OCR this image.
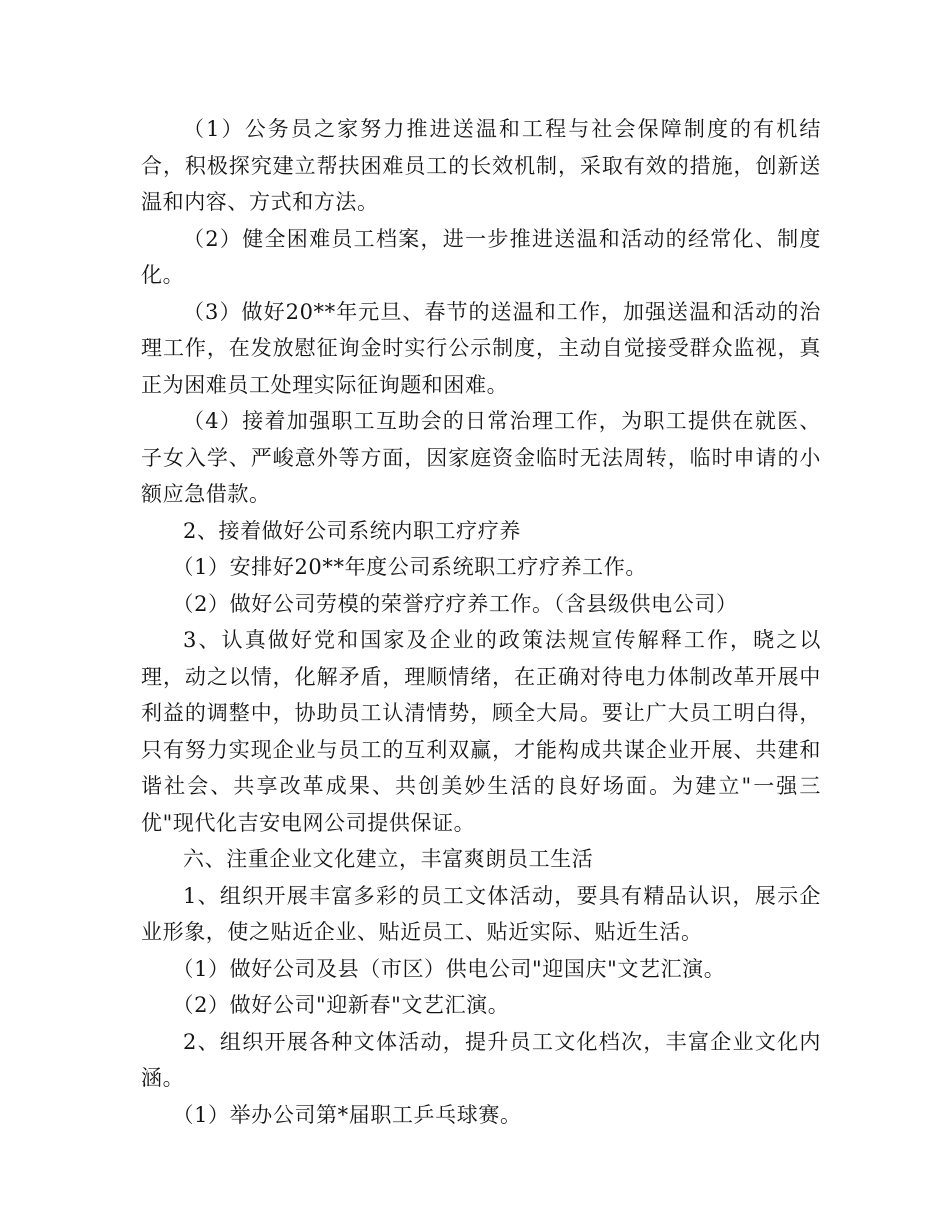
（1）公务员之家努力推进送温和工程与社会保障制度的有机结合，积极探究建立帮扶困难员工的长效机制，采取有效的措施，创新送温和内容、方式和方法。

（2）健全困难员工档案，进一步推进送温和活动的经常化、制度化。

（3）做好20**年元旦、春节的送温和工作，加强送温和活动的治理工作，在发放慰征询金时实行公示制度，主动自觉接受群众监视，真正为困难员工处理实际征询题和困难。

（4）接着加强职工互助会的日常治理工作，为职工提供在就医、子女入学、严峻意外等方面，因家庭资金临时无法周转，临时申请的小额应急借款。

2、接着做好公司系统内职工疗疗养

（1）安排好20**年度公司系统职工疗疗养工作。

（2）做好公司劳模的荣誉疗疗养工作。（含县级供电公司）

3、认真做好党和国家及企业的政策法规宣传解释工作，晓之以理，动之以情，化解矛盾，理顺情绪，在正确对待电力体制改革开展中利益的调整中，协助员工认清情势，顾全大局。要让广大员工明白得，只有努力实现企业与员工的互利双赢，才能构成共谋企业开展、共建和谐社会、共享改革成果、共创美妙生活的良好场面。为建立"一强三优"现代化吉安电网公司提供保证。

六、注重企业文化建立，丰富爽朗员工生活

1、组织开展丰富多彩的员工文体活动，要具有精品认识，展示企业形象，使之贴近企业、贴近员工、贴近实际、贴近生活。

（1）做好公司及县（市区）供电公司"迎国庆"文艺汇演。

（2）做好公司"迎新春"文艺汇演。

2、组织开展各种文体活动，提升员工文化档次，丰富企业文化内涵。

（1）举办公司第*届职工乒乓球赛。
